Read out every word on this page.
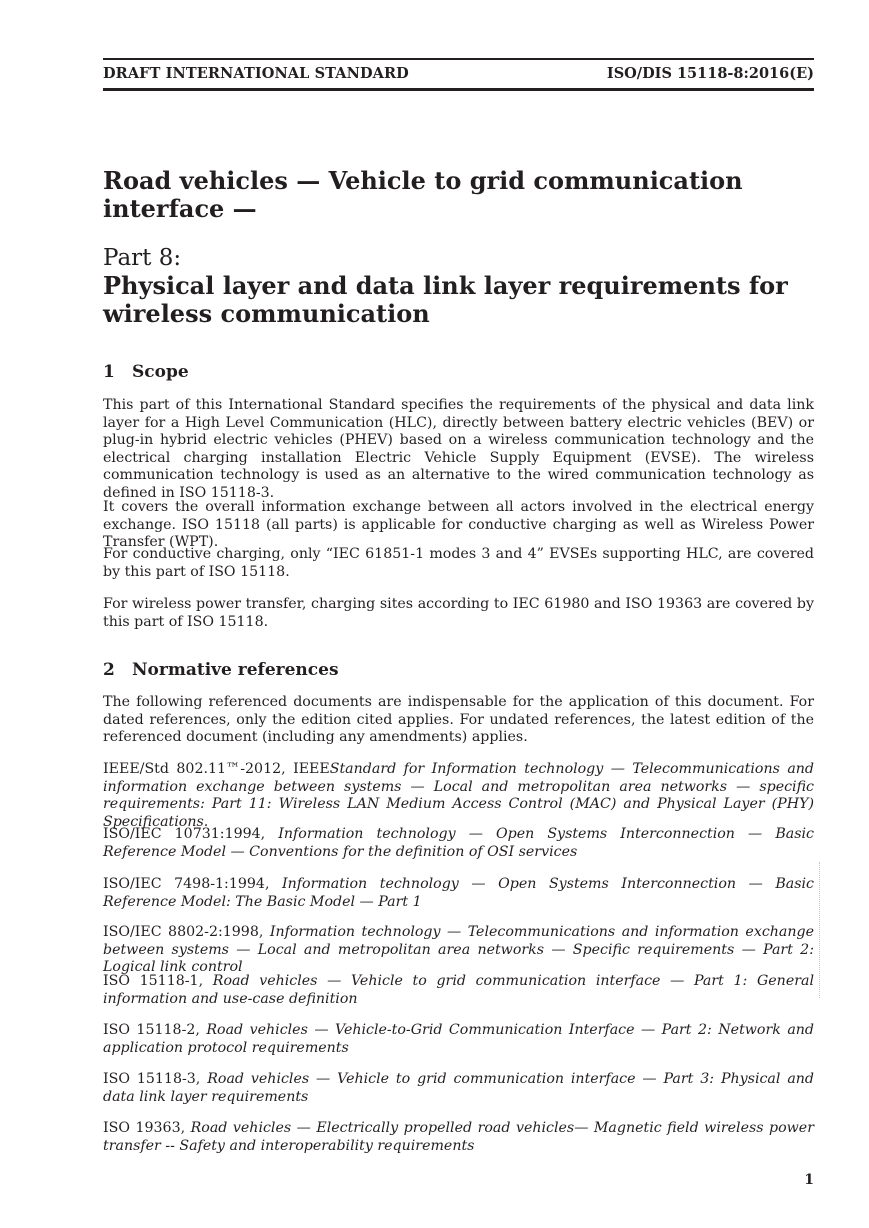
DRAFT INTERNATIONAL STANDARD	ISO/DIS 15118-8:2016(E)
Road vehicles — Vehicle to grid communication
interface —
Part 8:
Physical layer and data link layer requirements for
wireless communication
1 Scope

This part of this International Standard specifies the requirements of the physical and data link layer for a High Level Communication (HLC), directly between battery electric vehicles (BEV) or plug-in hybrid electric vehicles (PHEV) based on a wireless communication technology and the electrical charging installation Electric Vehicle Supply Equipment (EVSE). The wireless communication technology is used as an alternative to the wired communication technology as defined in ISO 15118-3.

It covers the overall information exchange between all actors involved in the electrical energy exchange. ISO 15118 (all parts) is applicable for conductive charging as well as Wireless Power Transfer (WPT).

For conductive charging, only “IEC 61851-1 modes 3 and 4” EVSEs supporting HLC, are covered by this part of ISO 15118.

For wireless power transfer, charging sites according to IEC 61980 and ISO 19363 are covered by this part of ISO 15118.

2 Normative references

The following referenced documents are indispensable for the application of this document. For dated references, only the edition cited applies. For undated references, the latest edition of the referenced document (including any amendments) applies.

IEEE/Std 802.11™-2012, IEEEStandard for Information technology — Telecommunications and information exchange between systems — Local and metropolitan area networks — specific requirements: Part 11: Wireless LAN Medium Access Control (MAC) and Physical Layer (PHY) Specifications.

ISO/IEC 10731:1994, Information technology — Open Systems Interconnection — Basic Reference Model — Conventions for the definition of OSI services

ISO/IEC 7498-1:1994, Information technology — Open Systems Interconnection — Basic Reference Model: The Basic Model — Part 1

ISO/IEC 8802-2:1998, Information technology — Telecommunications and information exchange between systems — Local and metropolitan area networks — Specific requirements — Part 2: Logical link control

ISO 15118-1, Road vehicles — Vehicle to grid communication interface — Part 1: General information and use-case definition

ISO 15118-2, Road vehicles — Vehicle-to-Grid Communication Interface — Part 2: Network and application protocol requirements

ISO 15118-3, Road vehicles — Vehicle to grid communication interface — Part 3: Physical and data link layer requirements

ISO 19363, Road vehicles — Electrically propelled road vehicles— Magnetic field wireless power transfer -- Safety and interoperability requirements

1
